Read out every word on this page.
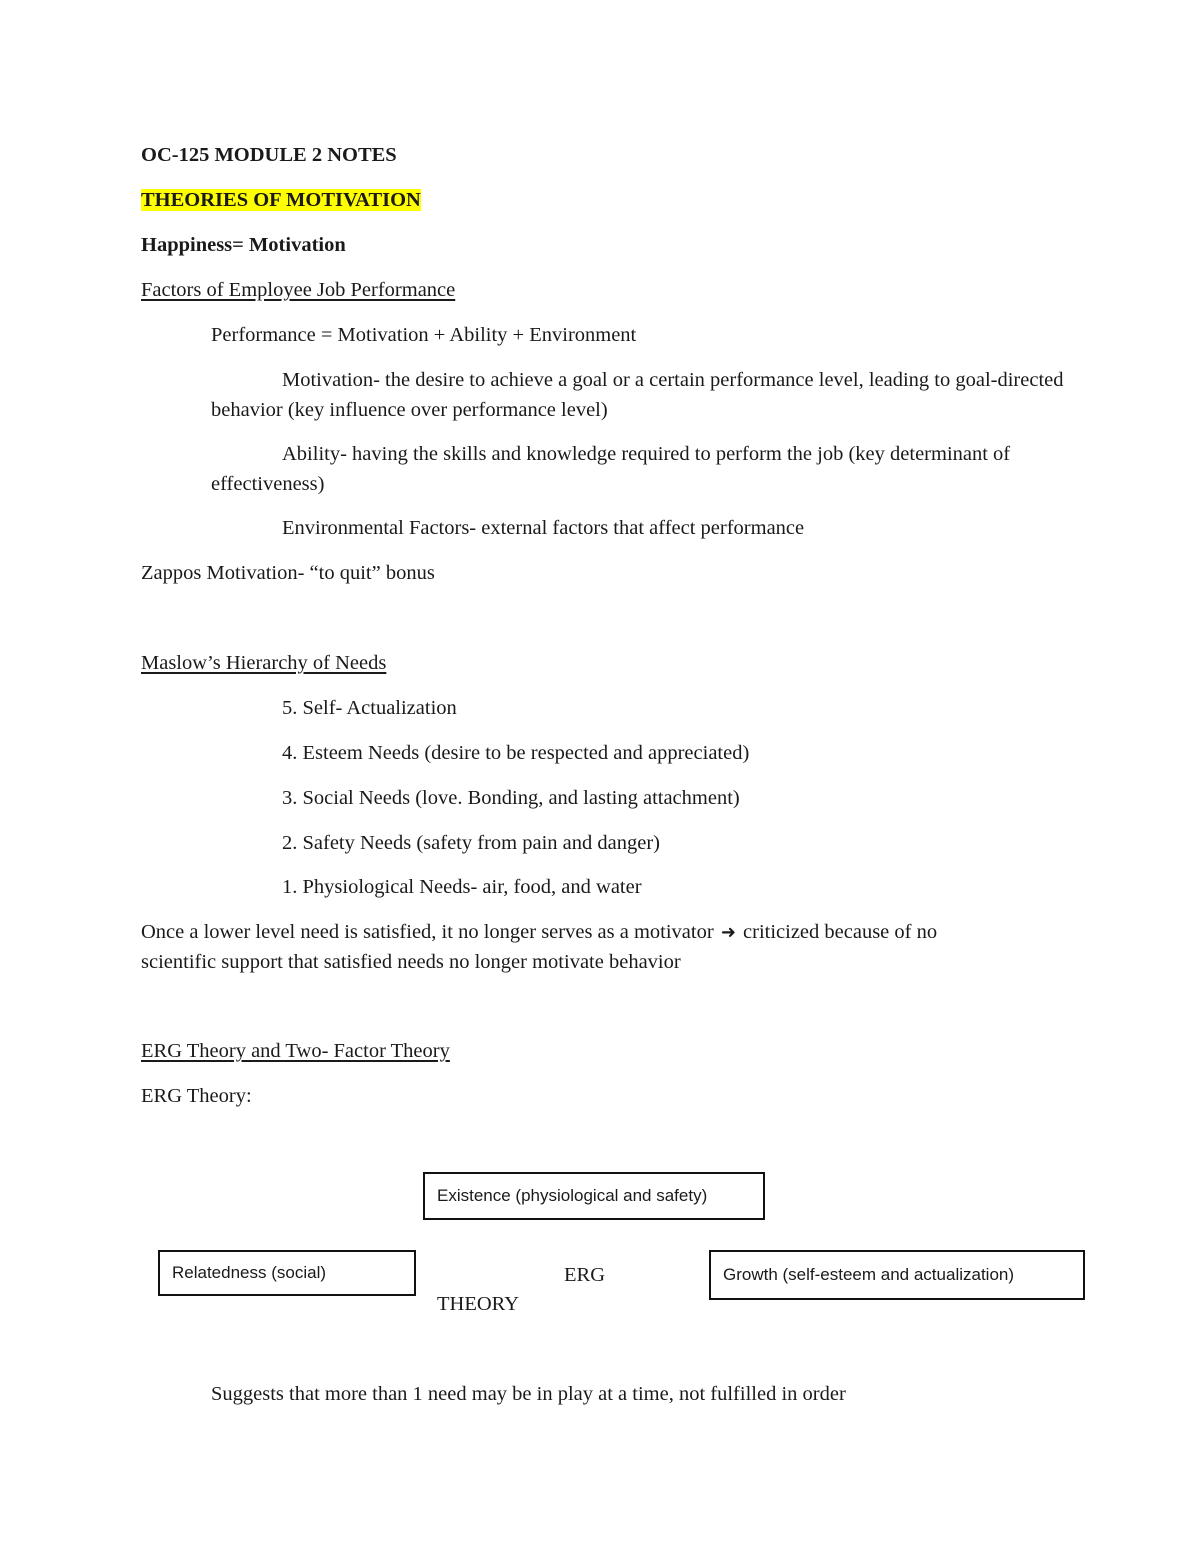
OC-125 MODULE 2 NOTES
THEORIES OF MOTIVATION
Happiness= Motivation
Factors of Employee Job Performance
Performance = Motivation + Ability + Environment
Motivation- the desire to achieve a goal or a certain performance level, leading to goal-directed behavior (key influence over performance level)
Ability- having the skills and knowledge required to perform the job (key determinant of effectiveness)
Environmental Factors- external factors that affect performance
Zappos Motivation- “to quit” bonus
Maslow’s Hierarchy of Needs
5. Self- Actualization
4. Esteem Needs (desire to be respected and appreciated)
3. Social Needs (love. Bonding, and lasting attachment)
2. Safety Needs (safety from pain and danger)
1. Physiological Needs- air, food, and water
Once a lower level need is satisfied, it no longer serves as a motivator ➜ criticized because of no
scientific support that satisfied needs no longer motivate behavior
ERG Theory and Two- Factor Theory
ERG Theory:
Existence (physiological and safety)
Relatedness (social)	ERG
THEORY
Growth (self-esteem and actualization)
Suggests that more than 1 need may be in play at a time, not fulfilled in order
